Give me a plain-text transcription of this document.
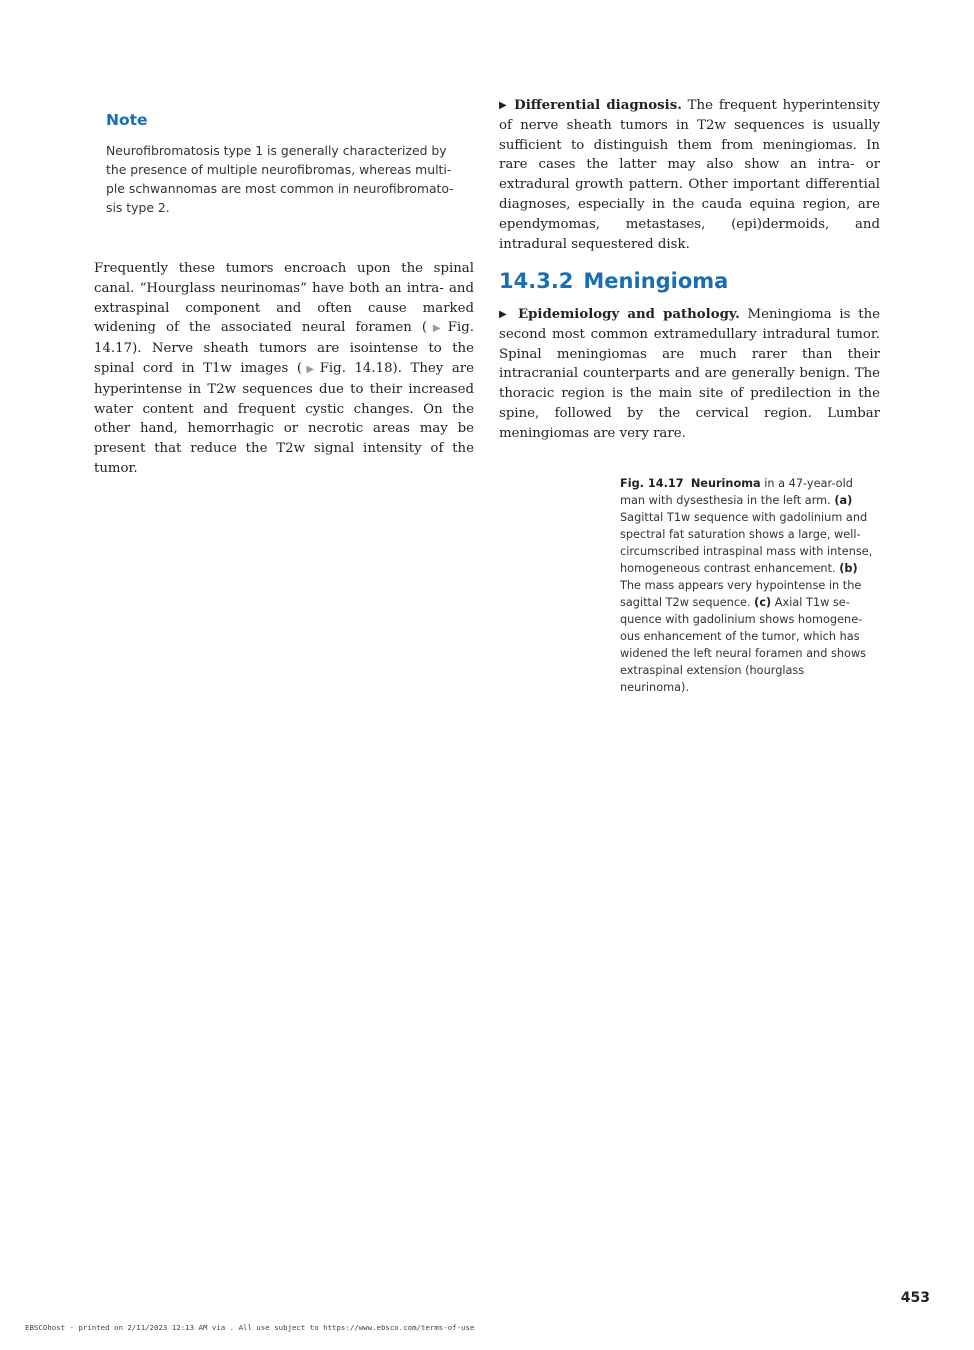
Note

Neurofibromatosis type 1 is generally characterized by the presence of multiple neurofibromas, whereas multiple schwannomas are most common in neurofibromatosis type 2.

Frequently these tumors encroach upon the spinal canal. “Hourglass neurinomas” have both an intra- and extraspinal component and often cause marked widening of the associated neural foramen (▶ Fig. 14.17). Nerve sheath tumors are isointense to the spinal cord in T1w images (▶ Fig. 14.18). They are hyperintense in T2w sequences due to their increased water content and frequent cystic changes. On the other hand, hemorrhagic or necrotic areas may be present that reduce the T2w signal intensity of the tumor.

▶ Differential diagnosis. The frequent hyperintensity of nerve sheath tumors in T2w sequences is usually sufficient to distinguish them from meningiomas. In rare cases the latter may also show an intra- or extradural growth pattern. Other important differential diagnoses, especially in the cauda equina region, are ependymomas, metastases, (epi)dermoids, and intradural sequestered disk.

14.3.2 Meningioma

▶ Epidemiology and pathology. Meningioma is the second most common extramedullary intradural tumor. Spinal meningiomas are much rarer than their intracranial counterparts and are generally benign. The thoracic region is the main site of predilection in the spine, followed by the cervical region. Lumbar meningiomas are very rare.

Fig. 14.17 Neurinoma in a 47-year-old man with dysesthesia in the left arm. (a) Sagittal T1w sequence with gadolinium and spectral fat saturation shows a large, well-circumscribed intraspinal mass with intense, homogeneous contrast enhancement. (b) The mass appears very hypointense in the sagittal T2w sequence. (c) Axial T1w sequence with gadolinium shows homogeneous enhancement of the tumor, which has widened the left neural foramen and shows extraspinal extension (hourglass neurinoma).

453
EBSCOhost - printed on 2/11/2023 12:13 AM via . All use subject to https://www.ebsco.com/terms-of-use
